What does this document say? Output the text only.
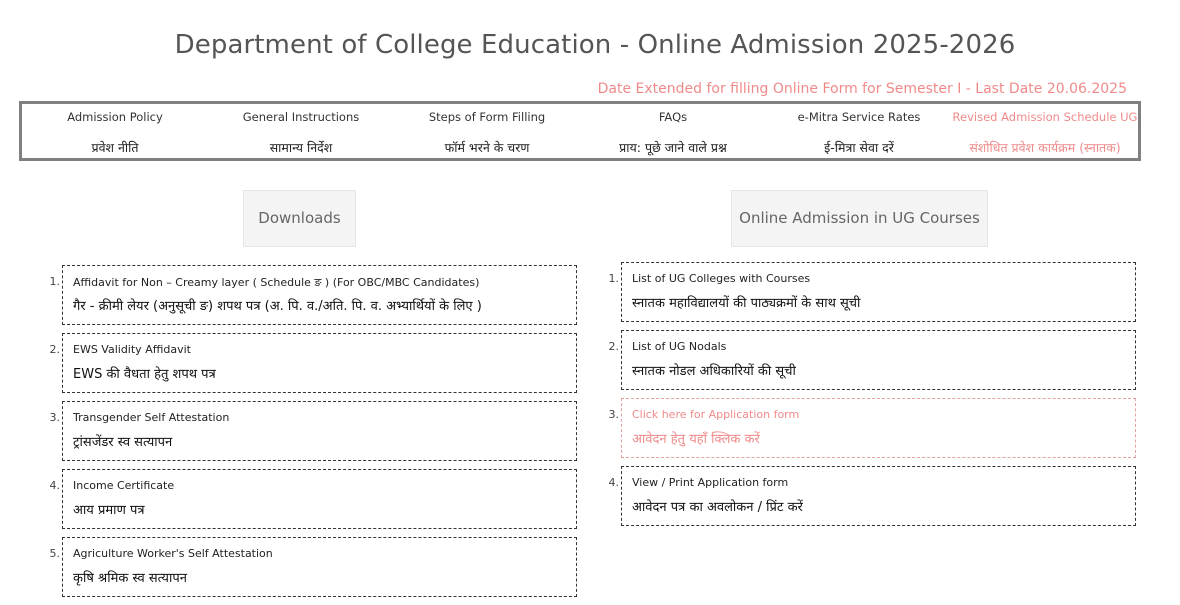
Department of College Education - Online Admission 2025-2026
Date Extended for filling Online Form for Semester I - Last Date 20.06.2025
Admission Policy
प्रवेश नीति
General Instructions
सामान्य निर्देश
Steps of Form Filling
फॉर्म भरने के चरण
FAQs
प्राय: पूछे जाने वाले प्रश्न
e-Mitra Service Rates
ई-मित्रा सेवा दरें
Revised Admission Schedule UG
संशोधित प्रवेश कार्यक्रम (स्नातक)
Downloads	Online Admission in UG Courses
1. Affidavit for Non – Creamy layer ( Schedule ङ ) (For OBC/MBC Candidates)
गैर - क्रीमी लेयर (अनुसूची ङ) शपथ पत्र (अ. पि. व./अति. पि. व. अभ्यार्थियों के लिए )
2. EWS Validity Affidavit
EWS की वैधता हेतु शपथ पत्र
3. Transgender Self Attestation
ट्रांसजेंडर स्व सत्यापन
4. Income Certificate
आय प्रमाण पत्र
5. Agriculture Worker's Self Attestation
कृषि श्रमिक स्व सत्यापन
1. List of UG Colleges with Courses
स्नातक महाविद्यालयों की पाठ्यक्रमों के साथ सूची
2. List of UG Nodals
स्नातक नोडल अधिकारियों की सूची
3. Click here for Application form
आवेदन हेतु यहाँ क्लिक करें
4. View / Print Application form
आवेदन पत्र का अवलोकन / प्रिंट करें
